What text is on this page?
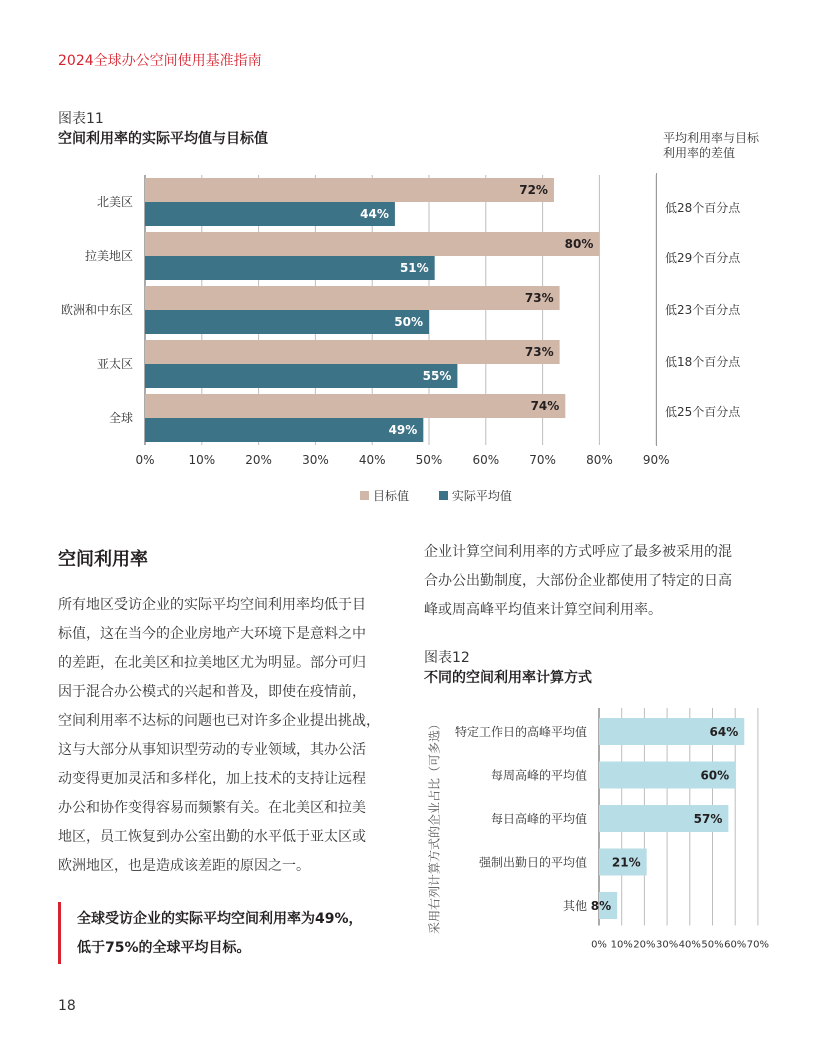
2024全球办公空间使用基准指南
图表11
空间利用率的实际平均值与目标值	平均利用率与目标
利用率的差值
0%	10%	20%	30%	40%	50%	60%	70%	80%	90%
北美区
72%
44%
拉美地区
80%
51%
欧洲和中东区
73%
50%
亚太区
73%
55%
全球
74%
49%
低28个百分点
低29个百分点
低23个百分点
低18个百分点
低25个百分点
目标值	实际平均值
空间利用率
所有地区受访企业的实际平均空间利用率均低于目
标值，这在当今的企业房地产大环境下是意料之中
的差距，在北美区和拉美地区尤为明显。部分可归
因于混合办公模式的兴起和普及，即使在疫情前，
空间利用率不达标的问题也已对许多企业提出挑战，
这与大部分从事知识型劳动的专业领域，其办公活
动变得更加灵活和多样化，加上技术的支持让远程
办公和协作变得容易而频繁有关。在北美区和拉美
地区，员工恢复到办公室出勤的水平低于亚太区或
欧洲地区，也是造成该差距的原因之一。
企业计算空间利用率的方式呼应了最多被采用的混
合办公出勤制度，大部份企业都使用了特定的日高
峰或周高峰平均值来计算空间利用率。
全球受访企业的实际平均空间利用率为49%，
低于75%的全球平均目标。
图表12
不同的空间利用率计算方式
采用右列计算方式的企业占比（可多选）
0% 10% 20% 30% 40% 50% 60% 70%
特定工作日的高峰平均值	64%
每周高峰的平均值	60%
每日高峰的平均值	57%
强制出勤日的平均值 21%
其他 8%
18
